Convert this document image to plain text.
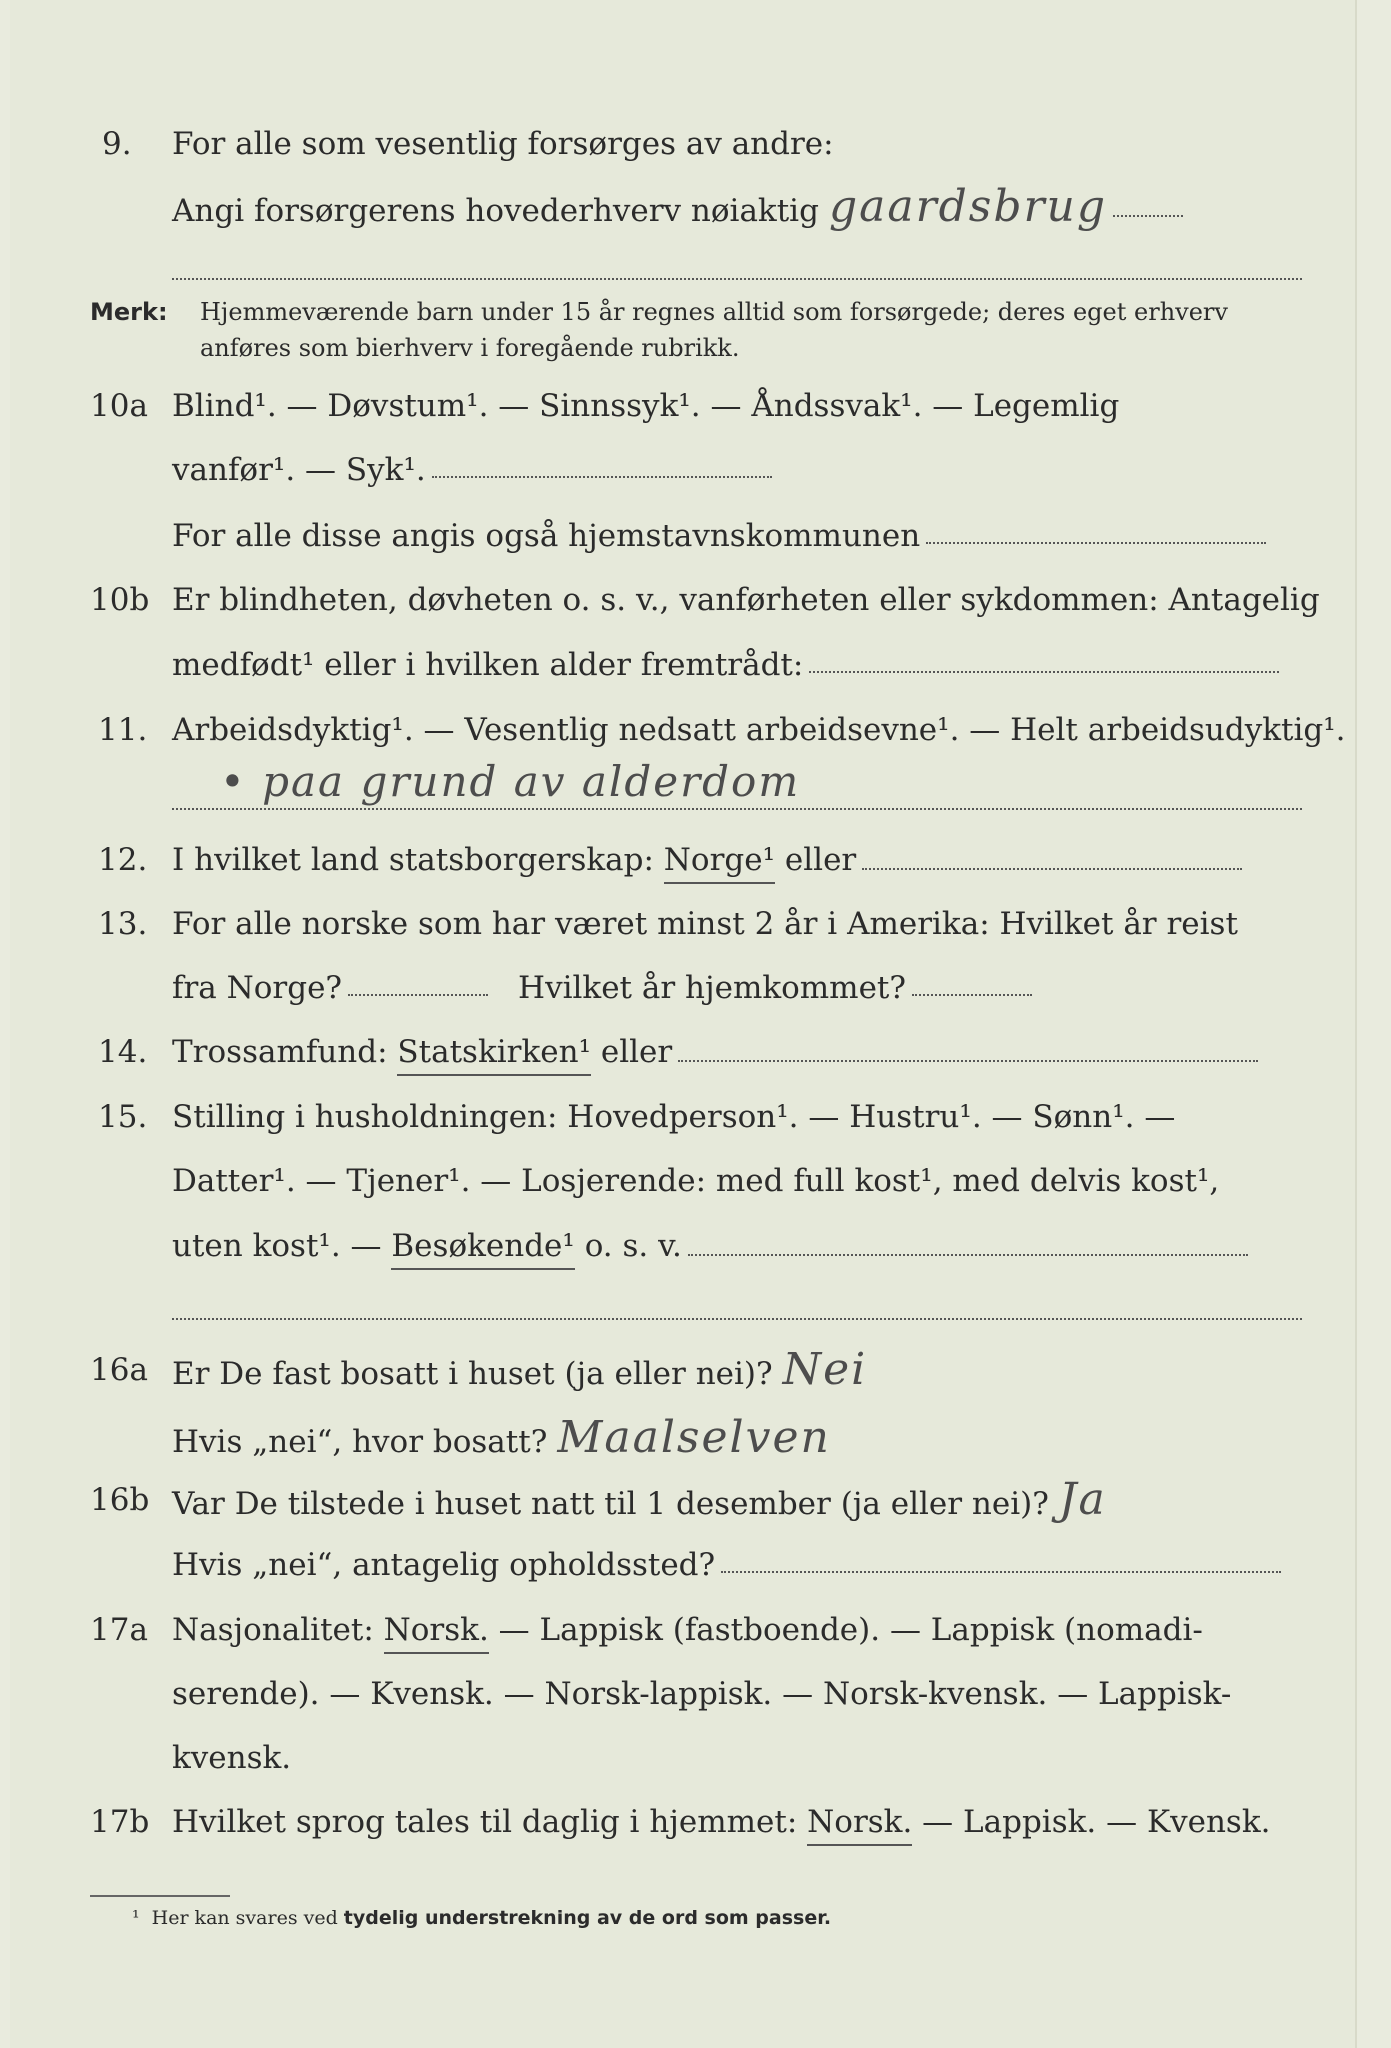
9. For alle som vesentlig forsørges av andre:
Angi forsørgerens hovederhverv nøiaktig gaardsbrug
Merk:	Hjemmeværende barn under 15 år regnes alltid som forsørgede; deres eget erhverv
anføres som bierhverv i foregående rubrikk.
10a Blind¹. — Døvstum¹. — Sinnssyk¹. — Åndssvak¹. — Legemlig
vanfør¹. — Syk¹.
For alle disse angis også hjemstavnskommunen
10b Er blindheten, døvheten o. s. v., vanførheten eller sykdommen: Antagelig
medfødt¹ eller i hvilken alder fremtrådt:
11. Arbeidsdyktig¹. — Vesentlig nedsatt arbeidsevne¹. — Helt arbeidsudyktig¹.
• paa grund av alderdom
12. I hvilket land statsborgerskap:
Norge¹
eller
13. For alle norske som har været minst 2 år i Amerika: Hvilket år reist
fra Norge?	Hvilket år hjemkommet?
14. Trossamfund:
Statskirken¹
eller
15. Stilling i husholdningen: Hovedperson¹. — Hustru¹. — Sønn¹. —
Datter¹. — Tjener¹. — Losjerende: med full kost¹, med delvis kost¹,
uten kost¹. —
Besøkende¹
o. s. v.
16a Er De fast bosatt i huset (ja eller nei)? Nei
Hvis „nei“, hvor bosatt? Maalselven
16b Var De tilstede i huset natt til 1 desember (ja eller nei)? Ja
Hvis „nei“, antagelig opholdssted?
17a Nasjonalitet:
Norsk.
— Lappisk (fastboende). — Lappisk (nomadi-
serende). — Kvensk. — Norsk-lappisk. — Norsk-kvensk. — Lappisk-
kvensk.
17b Hvilket sprog tales til daglig i hjemmet:
Norsk.
— Lappisk. — Kvensk.
¹ Her kan svares ved
tydelig understrekning av de ord som passer.
